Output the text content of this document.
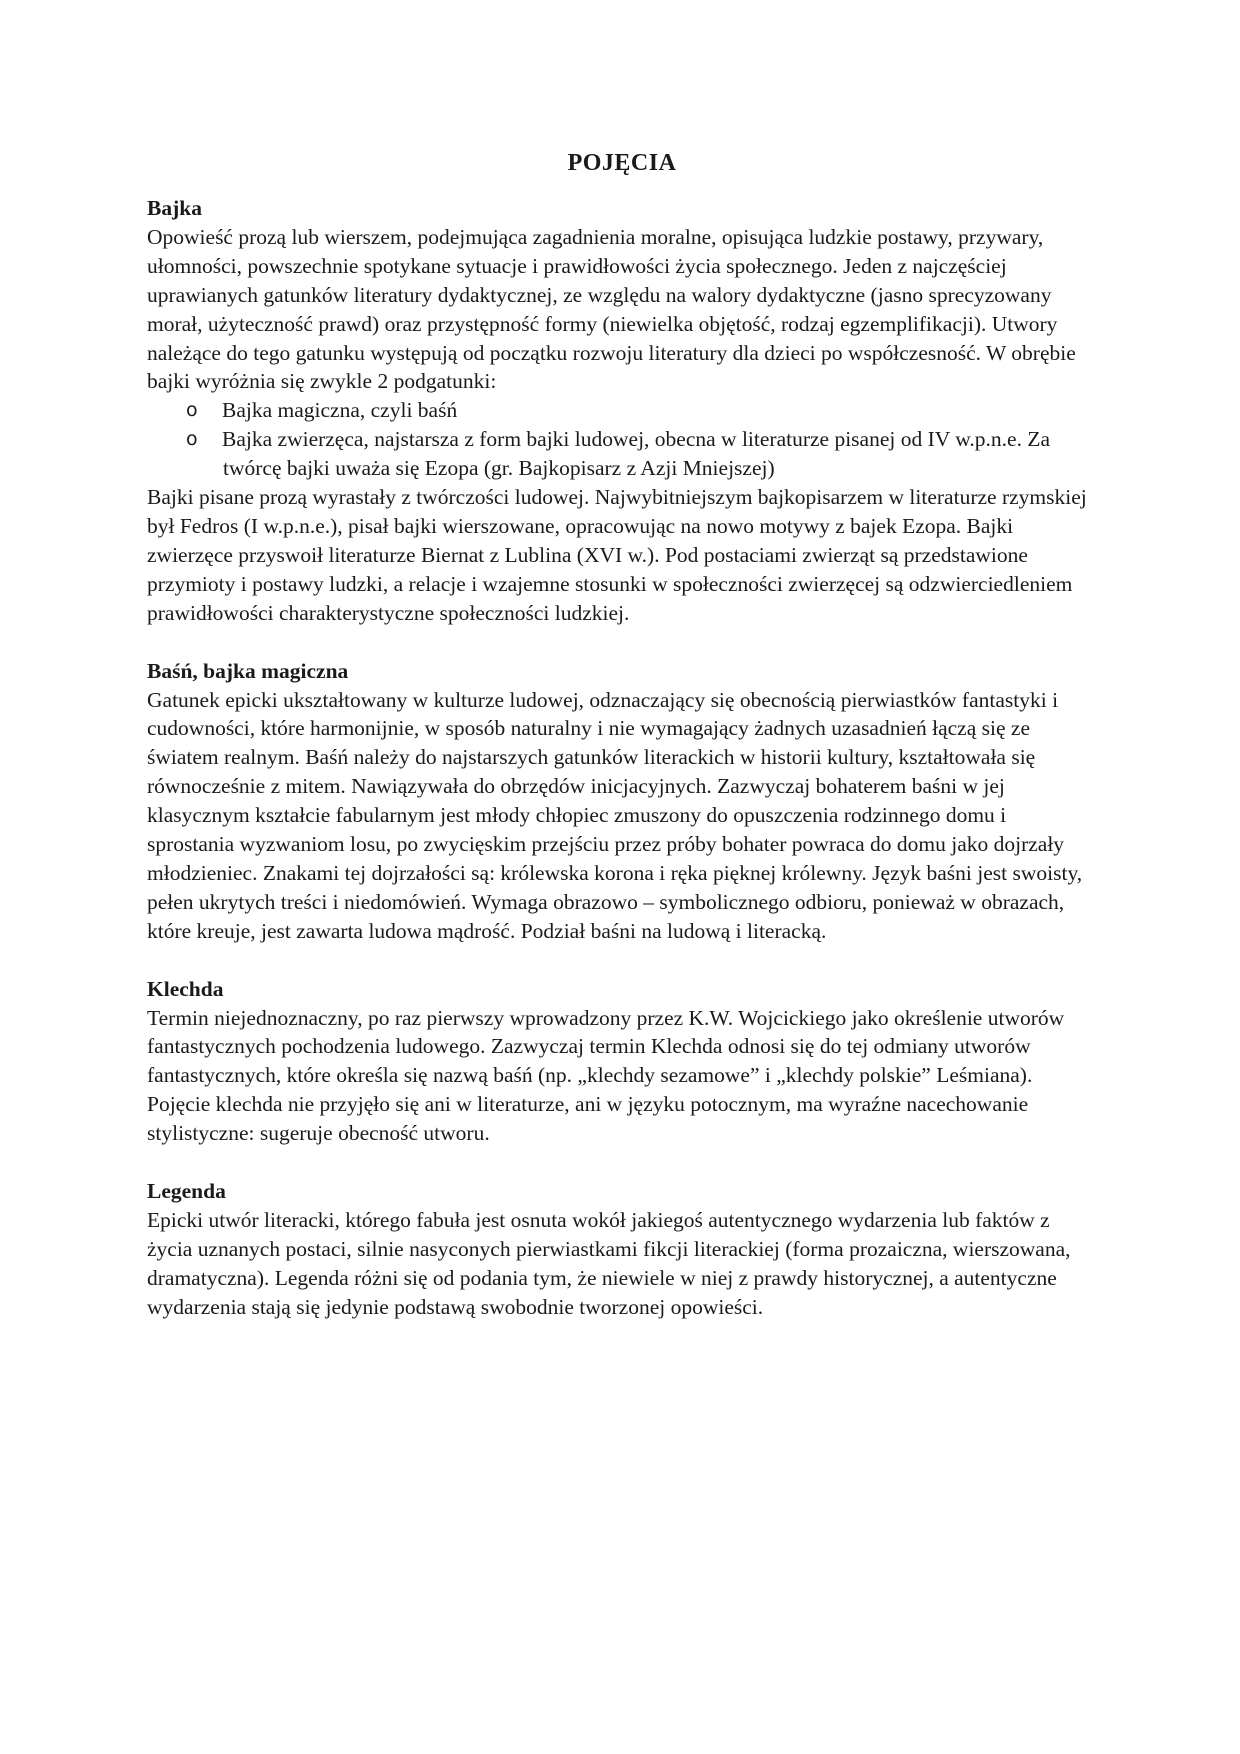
POJĘCIA
Bajka

Opowieść prozą lub wierszem, podejmująca zagadnienia moralne, opisująca ludzkie postawy, przywary, ułomności, powszechnie spotykane sytuacje i prawidłowości życia społecznego. Jeden z najczęściej uprawianych gatunków literatury dydaktycznej, ze względu na walory dydaktyczne (jasno sprecyzowany morał, użyteczność prawd) oraz przystępność formy (niewielka objętość, rodzaj egzemplifikacji). Utwory należące do tego gatunku występują od początku rozwoju literatury dla dzieci po współczesność. W obrębie bajki wyróżnia się zwykle 2 podgatunki:

o Bajka magiczna, czyli baśń
o Bajka zwierzęca, najstarsza z form bajki ludowej, obecna w literaturze pisanej od IV w.p.n.e. Za twórcę bajki uważa się Ezopa (gr. Bajkopisarz z Azji Mniejszej)

Bajki pisane prozą wyrastały z twórczości ludowej. Najwybitniejszym bajkopisarzem w literaturze rzymskiej był Fedros (I w.p.n.e.), pisał bajki wierszowane, opracowując na nowo motywy z bajek Ezopa. Bajki zwierzęce przyswoił literaturze Biernat z Lublina (XVI w.). Pod postaciami zwierząt są przedstawione przymioty i postawy ludzki, a relacje i wzajemne stosunki w społeczności zwierzęcej są odzwierciedleniem prawidłowości charakterystyczne społeczności ludzkiej.

Baśń, bajka magiczna

Gatunek epicki ukształtowany w kulturze ludowej, odznaczający się obecnością pierwiastków fantastyki i cudowności, które harmonijnie, w sposób naturalny i nie wymagający żadnych uzasadnień łączą się ze światem realnym. Baśń należy do najstarszych gatunków literackich w historii kultury, kształtowała się równocześnie z mitem. Nawiązywała do obrzędów inicjacyjnych. Zazwyczaj bohaterem baśni w jej klasycznym kształcie fabularnym jest młody chłopiec zmuszony do opuszczenia rodzinnego domu i sprostania wyzwaniom losu, po zwycięskim przejściu przez próby bohater powraca do domu jako dojrzały młodzieniec. Znakami tej dojrzałości są: królewska korona i ręka pięknej królewny. Język baśni jest swoisty, pełen ukrytych treści i niedomówień. Wymaga obrazowo – symbolicznego odbioru, ponieważ w obrazach, które kreuje, jest zawarta ludowa mądrość. Podział baśni na ludową i literacką.

Klechda

Termin niejednoznaczny, po raz pierwszy wprowadzony przez K.W. Wojcickiego jako określenie utworów fantastycznych pochodzenia ludowego. Zazwyczaj termin Klechda odnosi się do tej odmiany utworów fantastycznych, które określa się nazwą baśń (np. „klechdy sezamowe” i „klechdy polskie” Leśmiana). Pojęcie klechda nie przyjęło się ani w literaturze, ani w języku potocznym, ma wyraźne nacechowanie stylistyczne: sugeruje obecność utworu.

Legenda

Epicki utwór literacki, którego fabuła jest osnuta wokół jakiegoś autentycznego wydarzenia lub faktów z życia uznanych postaci, silnie nasyconych pierwiastkami fikcji literackiej (forma prozaiczna, wierszowana, dramatyczna). Legenda różni się od podania tym, że niewiele w niej z prawdy historycznej, a autentyczne wydarzenia stają się jedynie podstawą swobodnie tworzonej opowieści.
